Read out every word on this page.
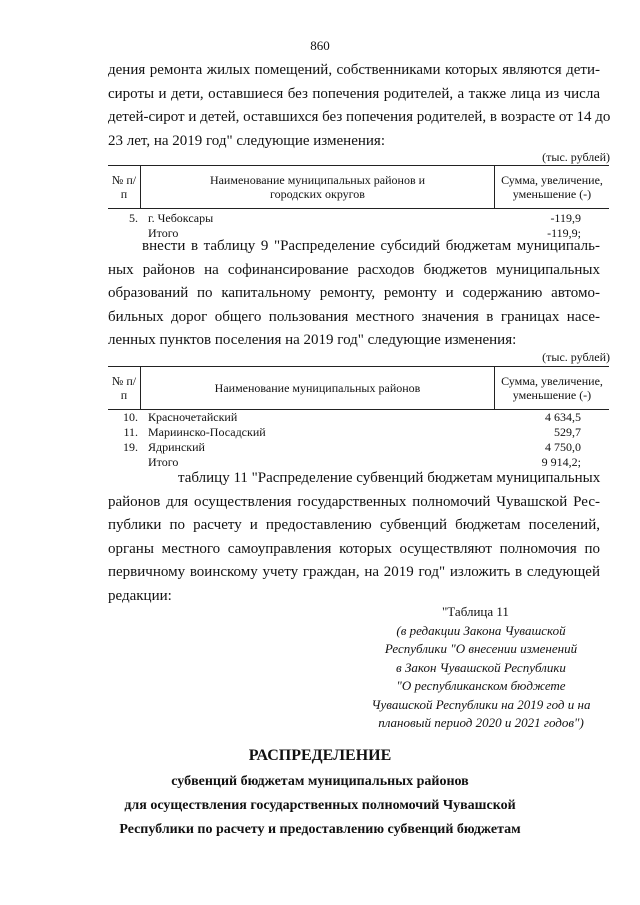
860
дения ремонта жилых помещений, собственниками которых являются дети-
сироты и дети, оставшиеся без попечения родителей, а также лица из числа
детей-сирот и детей, оставшихся без попечения родителей, в возрасте от 14 до
23 лет, на 2019 год" следующие изменения:
(тыс. рублей)
№ п/п	Наименование муниципальных районов и городских округов	Сумма, увеличение, уменьшение (-)
5. г. Чебоксары	-119,9
Итого	-119,9;
внести в таблицу 9 "Распределение субсидий бюджетам муниципаль-
ных районов на софинансирование расходов бюджетов муниципальных
образований по капитальному ремонту, ремонту и содержанию автомо-
бильных дорог общего пользования местного значения в границах насе-
ленных пунктов поселения на 2019 год" следующие изменения:
(тыс. рублей)
№ п/п	Наименование муниципальных районов	Сумма, увеличение, уменьшение (-)
10. Красночетайский	4 634,5
11. Мариинско-Посадский	529,7
19. Ядринский	4 750,0
Итого	9 914,2;
таблицу 11 "Распределение субвенций бюджетам муниципальных
районов для осуществления государственных полномочий Чувашской Рес-
публики по расчету и предоставлению субвенций бюджетам поселений,
органы местного самоуправления которых осуществляют полномочия по
первичному воинскому учету граждан, на 2019 год" изложить в следующей
редакции:
"Таблица 11
(в редакции Закона Чувашской
Республики "О внесении изменений
в Закон Чувашской Республики
"О республиканском бюджете
Чувашской Республики на 2019 год и на
плановый период 2020 и 2021 годов")
РАСПРЕДЕЛЕНИЕ
субвенций бюджетам муниципальных районов
для осуществления государственных полномочий Чувашской
Республики по расчету и предоставлению субвенций бюджетам
